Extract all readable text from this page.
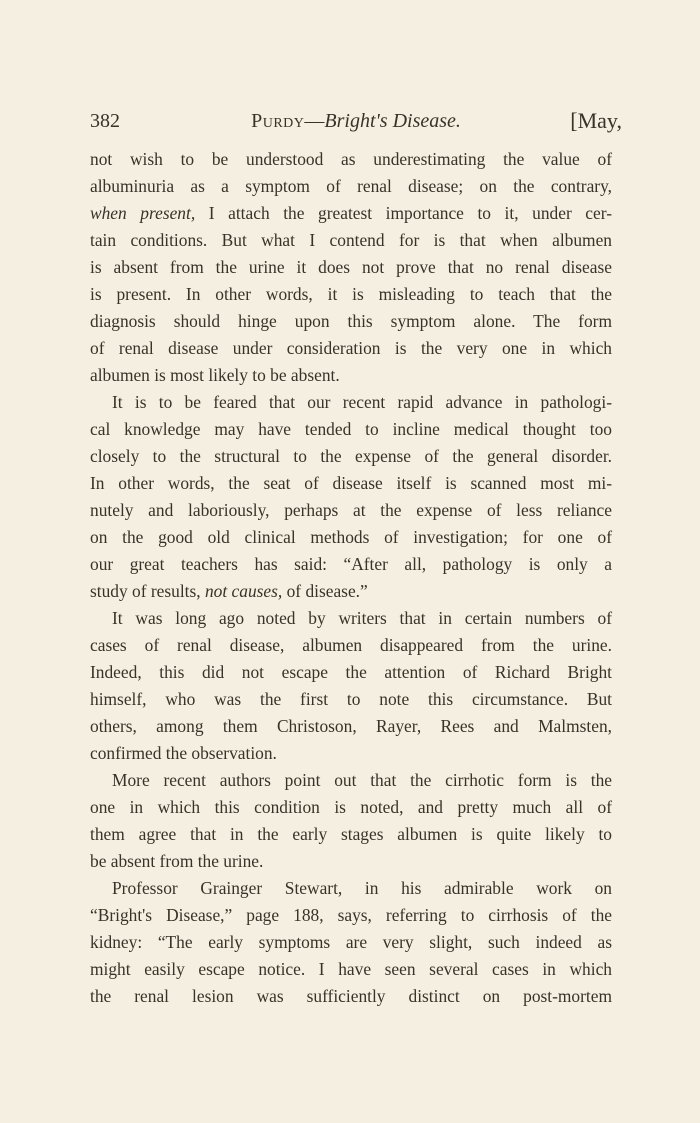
382	Purdy—Bright's Disease.	[May,
not wish to be understood as underestimating the value of
albuminuria as a symptom of renal disease; on the contrary,
when present, I attach the greatest importance to it, under cer-
tain conditions. But what I contend for is that when albumen
is absent from the urine it does not prove that no renal disease
is present. In other words, it is misleading to teach that the
diagnosis should hinge upon this symptom alone. The form
of renal disease under consideration is the very one in which
albumen is most likely to be absent.
It is to be feared that our recent rapid advance in pathologi-
cal knowledge may have tended to incline medical thought too
closely to the structural to the expense of the general disorder.
In other words, the seat of disease itself is scanned most mi-
nutely and laboriously, perhaps at the expense of less reliance
on the good old clinical methods of investigation; for one of
our great teachers has said: “After all, pathology is only a
study of results, not causes, of disease.”
It was long ago noted by writers that in certain numbers of
cases of renal disease, albumen disappeared from the urine.
Indeed, this did not escape the attention of Richard Bright
himself, who was the first to note this circumstance. But
others, among them Christoson, Rayer, Rees and Malmsten,
confirmed the observation.
More recent authors point out that the cirrhotic form is the
one in which this condition is noted, and pretty much all of
them agree that in the early stages albumen is quite likely to
be absent from the urine.
Professor Grainger Stewart, in his admirable work on
“Bright's Disease,” page 188, says, referring to cirrhosis of the
kidney: “The early symptoms are very slight, such indeed as
might easily escape notice. I have seen several cases in which
the renal lesion was sufficiently distinct on post-mortem
